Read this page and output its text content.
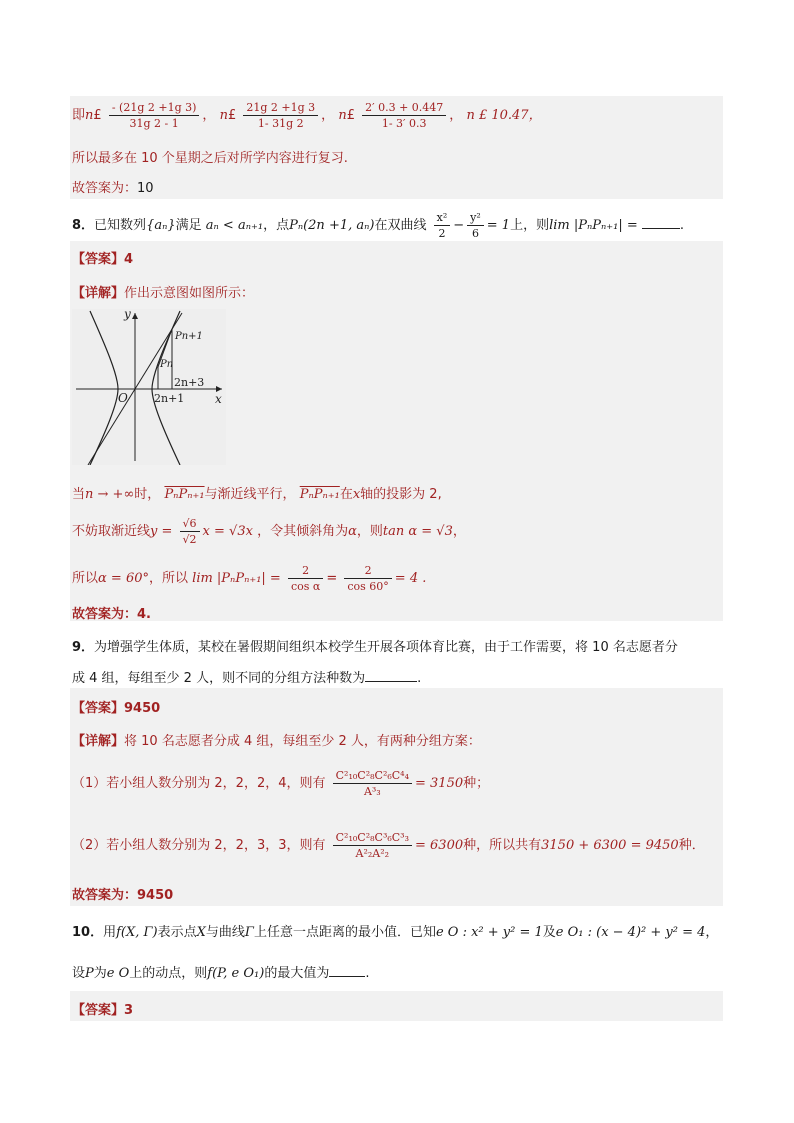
即n£ $\frac{- (21g 2 +1g 3)}{31g 2 - 1}$ ， n£ $\frac{21g 2 +1g 3}{1- 31g 2}$ ， n£ $\frac{2' 0.3 + 0.447}{1- 3' 0.3}$ ， n £ 10.47，
所以最多在 10 个星期之后对所学内容进行复习.
故答案为：10
8．已知数列{aₙ}满足 aₙ < aₙ₊₁，点Pₙ(2n +1, aₙ)在双曲线 $\frac{\text{x²}}{2} - \frac{\text{y²}}{6} = 1$上，则lim |PₙPₙ₊₁| =	.
【答案】4
【详解】作出示意图如图所示：
y
x
O
Pn+1
Pn
2n+3
2n+1
当n → +∞时， PₙPₙ₊₁与渐近线平行， PₙPₙ₊₁在x轴的投影为 2,
不妨取渐近线$y = \frac{√6}{√2}$ x = √3x ，令其倾斜角为α，则tan α = √3，
所以α = 60°，所以 $\lim |P_nP_{n+1}| = \frac{2}{\text{cos α}} = \frac{2}{\cos 60^\circ} = 4$ .
故答案为：4.
9．为增强学生体质，某校在暑假期间组织本校学生开展各项体育比赛，由于工作需要，将 10 名志愿者分
成 4 组，每组至少 2 人，则不同的分组方法种数为	.
【答案】9450
【详解】将 10 名志愿者分成 4 组，每组至少 2 人，有两种分组方案：
（1）若小组人数分别为 2，2，2，4，则有 $\frac{\text{C²₁₀C²₈C²₆C⁴₄}}{\text{A³₃}} = 3150$种；
（2）若小组人数分别为 2，2，3，3，则有 $\frac{\text{C²₁₀C²₈C³₆C³₃}}{\text{A²₂A²₂}} = 6300$种，所以共有3150 + 6300 = 9450种．
故答案为：9450
10．用f(X, Γ)表示点X与曲线Γ上任意一点距离的最小值．已知e O : x² + y² = 1及e O₁ : (x − 4)² + y² = 4，
设P为e O上的动点，则f(P, e O₁)的最大值为	.
【答案】3
